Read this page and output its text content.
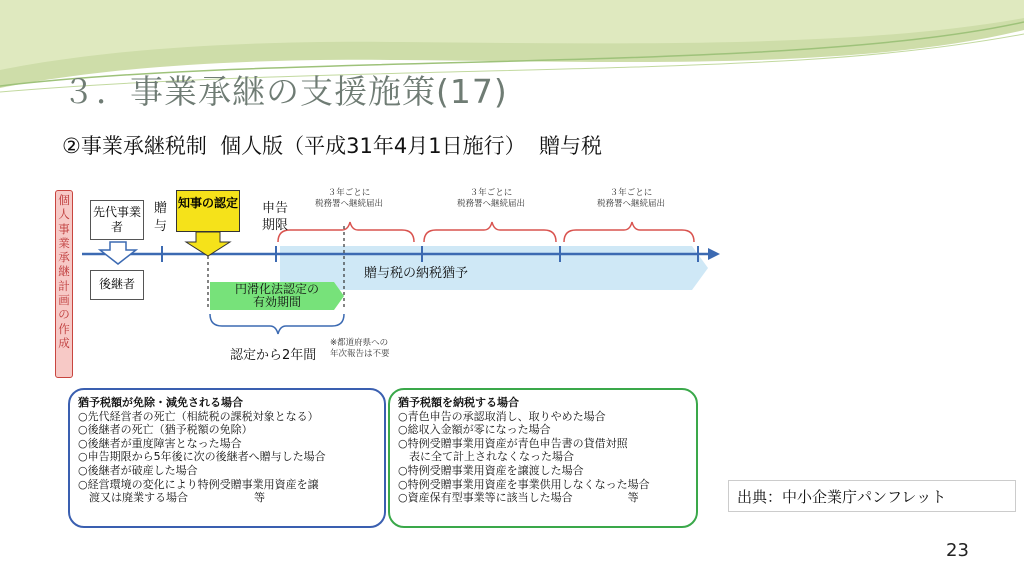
３．事業承継の支援施策(17)
②事業承継税制  個人版（平成31年4月1日施行）  贈与税
個人事業承継計画の作成
先代事業者
後継者
贈与
知事の認定 申告期限
３年ごとに
税務署へ継続届出
３年ごとに
税務署へ継続届出
３年ごとに
税務署へ継続届出
贈与税の納税猶予
円滑化法認定の
有効期間
認定から2年間
※都道府県への
年次報告は不要
猶予税額が免除・減免される場合
○先代経営者の死亡（相続税の課税対象となる）
○後継者の死亡（猶予税額の免除）
○後継者が重度障害となった場合
○申告期限から5年後に次の後継者へ贈与した場合
○後継者が破産した場合
○経営環境の変化により特例受贈事業用資産を譲
　渡又は廃業する場合　　　　　　等
猶予税額を納税する場合
○青色申告の承認取消し、取りやめた場合
○総収入金額が零になった場合
○特例受贈事業用資産が青色申告書の貸借対照
　表に全て計上されなくなった場合
○特例受贈事業用資産を譲渡した場合
○特例受贈事業用資産を事業供用しなくなった場合
○資産保有型事業等に該当した場合　　　　　等	出典：中小企業庁パンフレット
23
